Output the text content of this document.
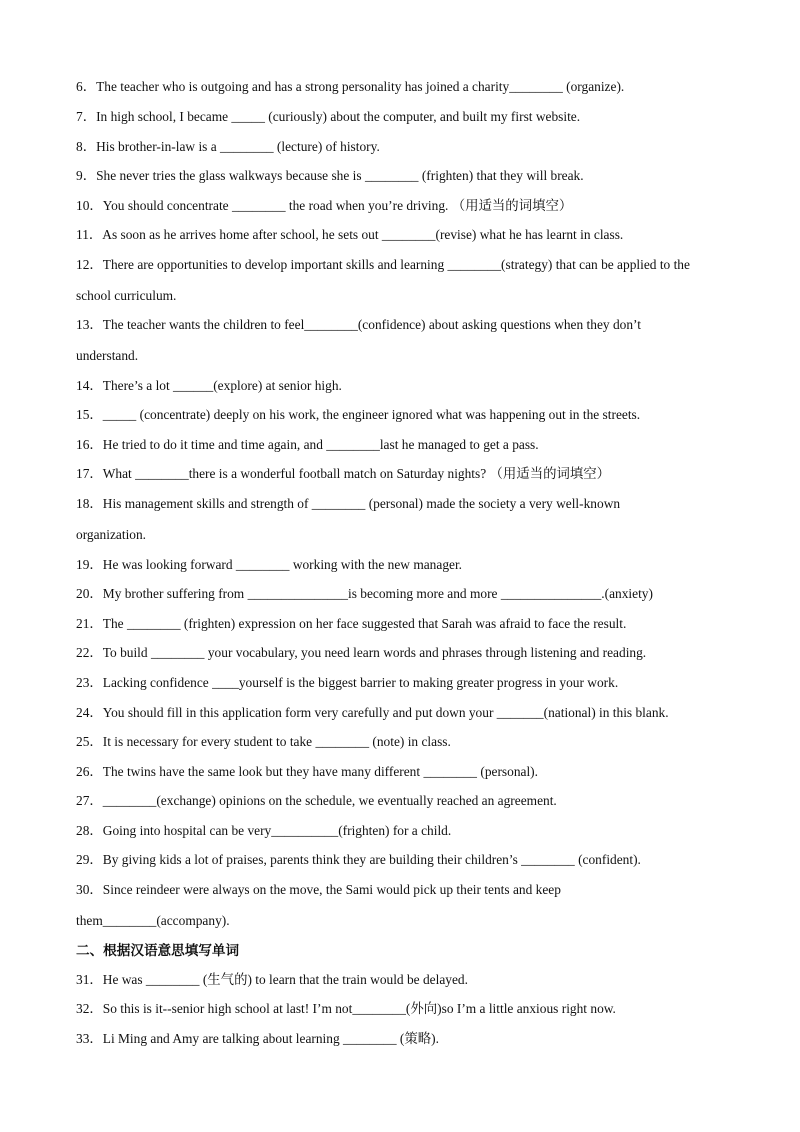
6．The teacher who is outgoing and has a strong personality has joined a charity________ (organize).
7．In high school, I became _____ (curiously) about the computer, and built my first website.
8．His brother-in-law is a ________ (lecture) of history.
9．She never tries the glass walkways because she is ________ (frighten) that they will break.
10．You should concentrate ________ the road when you’re driving. （用适当的词填空）
11．As soon as he arrives home after school, he sets out ________(revise) what he has learnt in class.
12．There are opportunities to develop important skills and learning ________(strategy) that can be applied to the
school curriculum.
13．The teacher wants the children to feel________(confidence) about asking questions when they don’t
understand.
14．There’s a lot ______(explore) at senior high.
15．_____ (concentrate) deeply on his work, the engineer ignored what was happening out in the streets.
16．He tried to do it time and time again, and ________last he managed to get a pass.
17．What ________there is a wonderful football match on Saturday nights? （用适当的词填空）
18．His management skills and strength of ________ (personal) made the society a very well-known
organization.
19．He was looking forward ________ working with the new manager.
20．My brother suffering from _______________is becoming more and more _______________.(anxiety)
21．The ________ (frighten) expression on her face suggested that Sarah was afraid to face the result.
22．To build ________ your vocabulary, you need learn words and phrases through listening and reading.
23．Lacking confidence ____yourself is the biggest barrier to making greater progress in your work.
24．You should fill in this application form very carefully and put down your _______(national) in this blank.
25．It is necessary for every student to take ________ (note) in class.
26．The twins have the same look but they have many different ________ (personal).
27．________(exchange) opinions on the schedule, we eventually reached an agreement.
28．Going into hospital can be very__________(frighten) for a child.
29．By giving kids a lot of praises, parents think they are building their children’s ________ (confident).
30．Since reindeer were always on the move, the Sami would pick up their tents and keep
them________(accompany).
二、根据汉语意思填写单词
31．He was ________ (生气的) to learn that the train would be delayed.
32．So this is it--senior high school at last! I’m not________(外向)so I’m a little anxious right now.
33．Li Ming and Amy are talking about learning ________ (策略).
